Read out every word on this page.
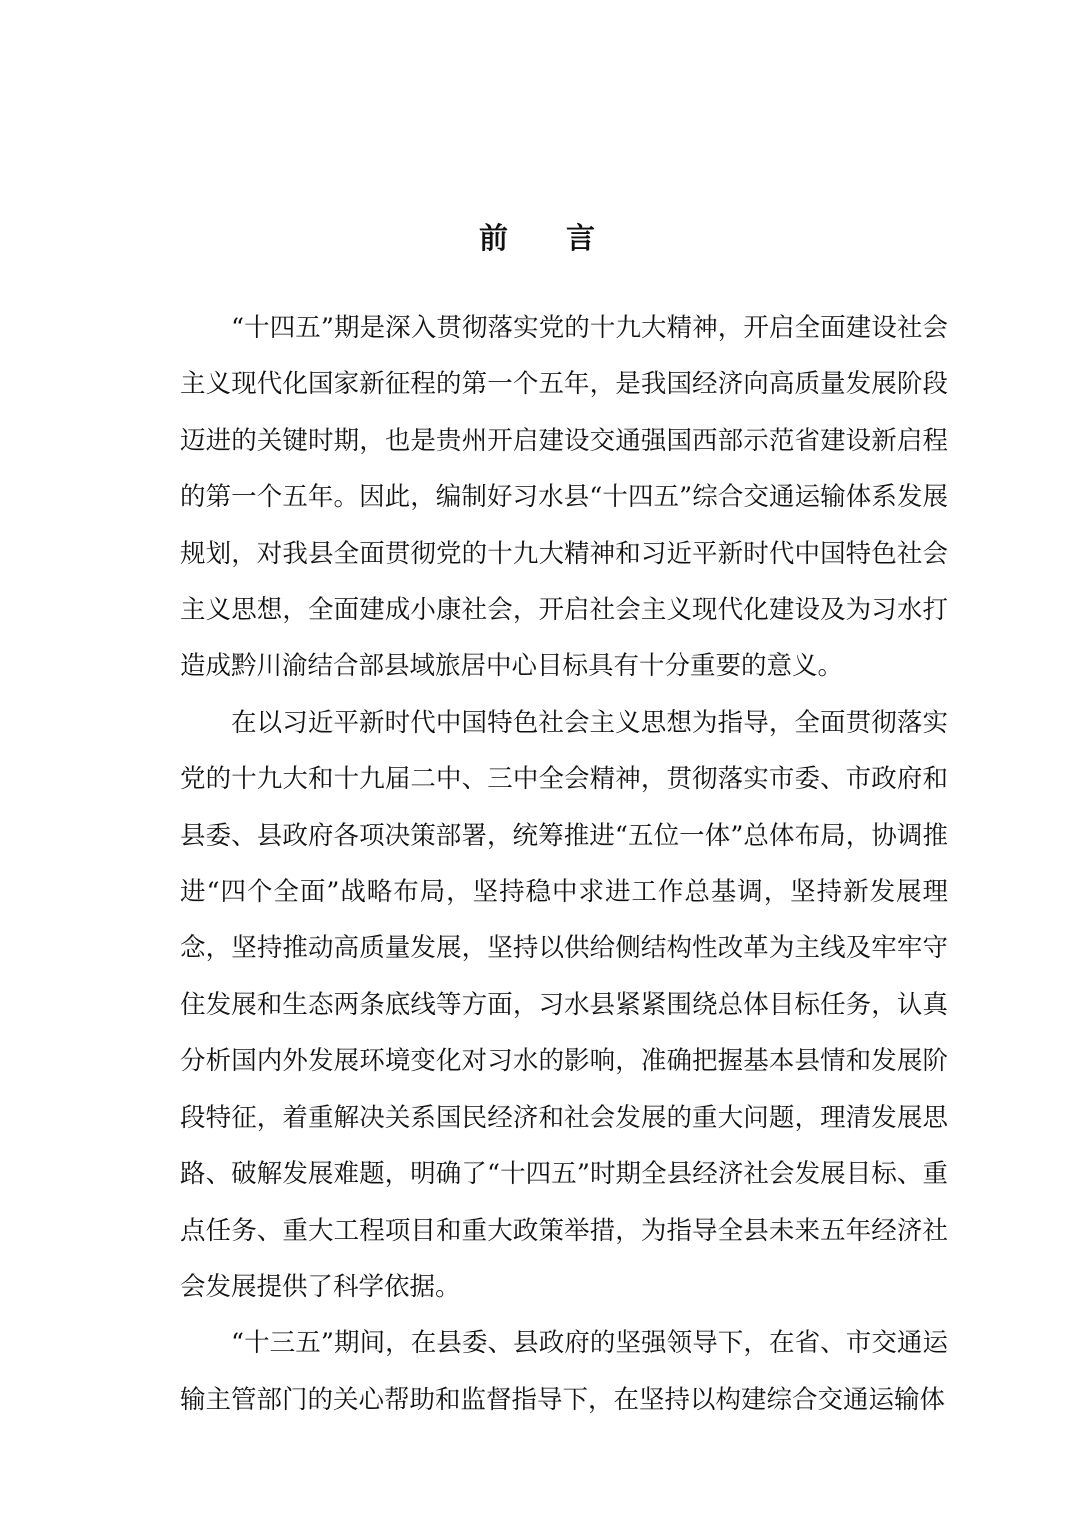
前 言

“十四五”期是深入贯彻落实党的十九大精神，开启全面建设社会主义现代化国家新征程的第一个五年，是我国经济向高质量发展阶段迈进的关键时期，也是贵州开启建设交通强国西部示范省建设新启程的第一个五年。因此，编制好习水县“十四五”综合交通运输体系发展规划，对我县全面贯彻党的十九大精神和习近平新时代中国特色社会主义思想，全面建成小康社会，开启社会主义现代化建设及为习水打造成黔川渝结合部县域旅居中心目标具有十分重要的意义。

在以习近平新时代中国特色社会主义思想为指导，全面贯彻落实党的十九大和十九届二中、三中全会精神，贯彻落实市委、市政府和县委、县政府各项决策部署，统筹推进“五位一体”总体布局，协调推进“四个全面”战略布局，坚持稳中求进工作总基调，坚持新发展理念，坚持推动高质量发展，坚持以供给侧结构性改革为主线及牢牢守住发展和生态两条底线等方面，习水县紧紧围绕总体目标任务，认真分析国内外发展环境变化对习水的影响，准确把握基本县情和发展阶段特征，着重解决关系国民经济和社会发展的重大问题，理清发展思路、破解发展难题，明确了“十四五”时期全县经济社会发展目标、重点任务、重大工程项目和重大政策举措，为指导全县未来五年经济社会发展提供了科学依据。

“十三五”期间，在县委、县政府的坚强领导下，在省、市交通运输主管部门的关心帮助和监督指导下，在坚持以构建综合交通运输体
